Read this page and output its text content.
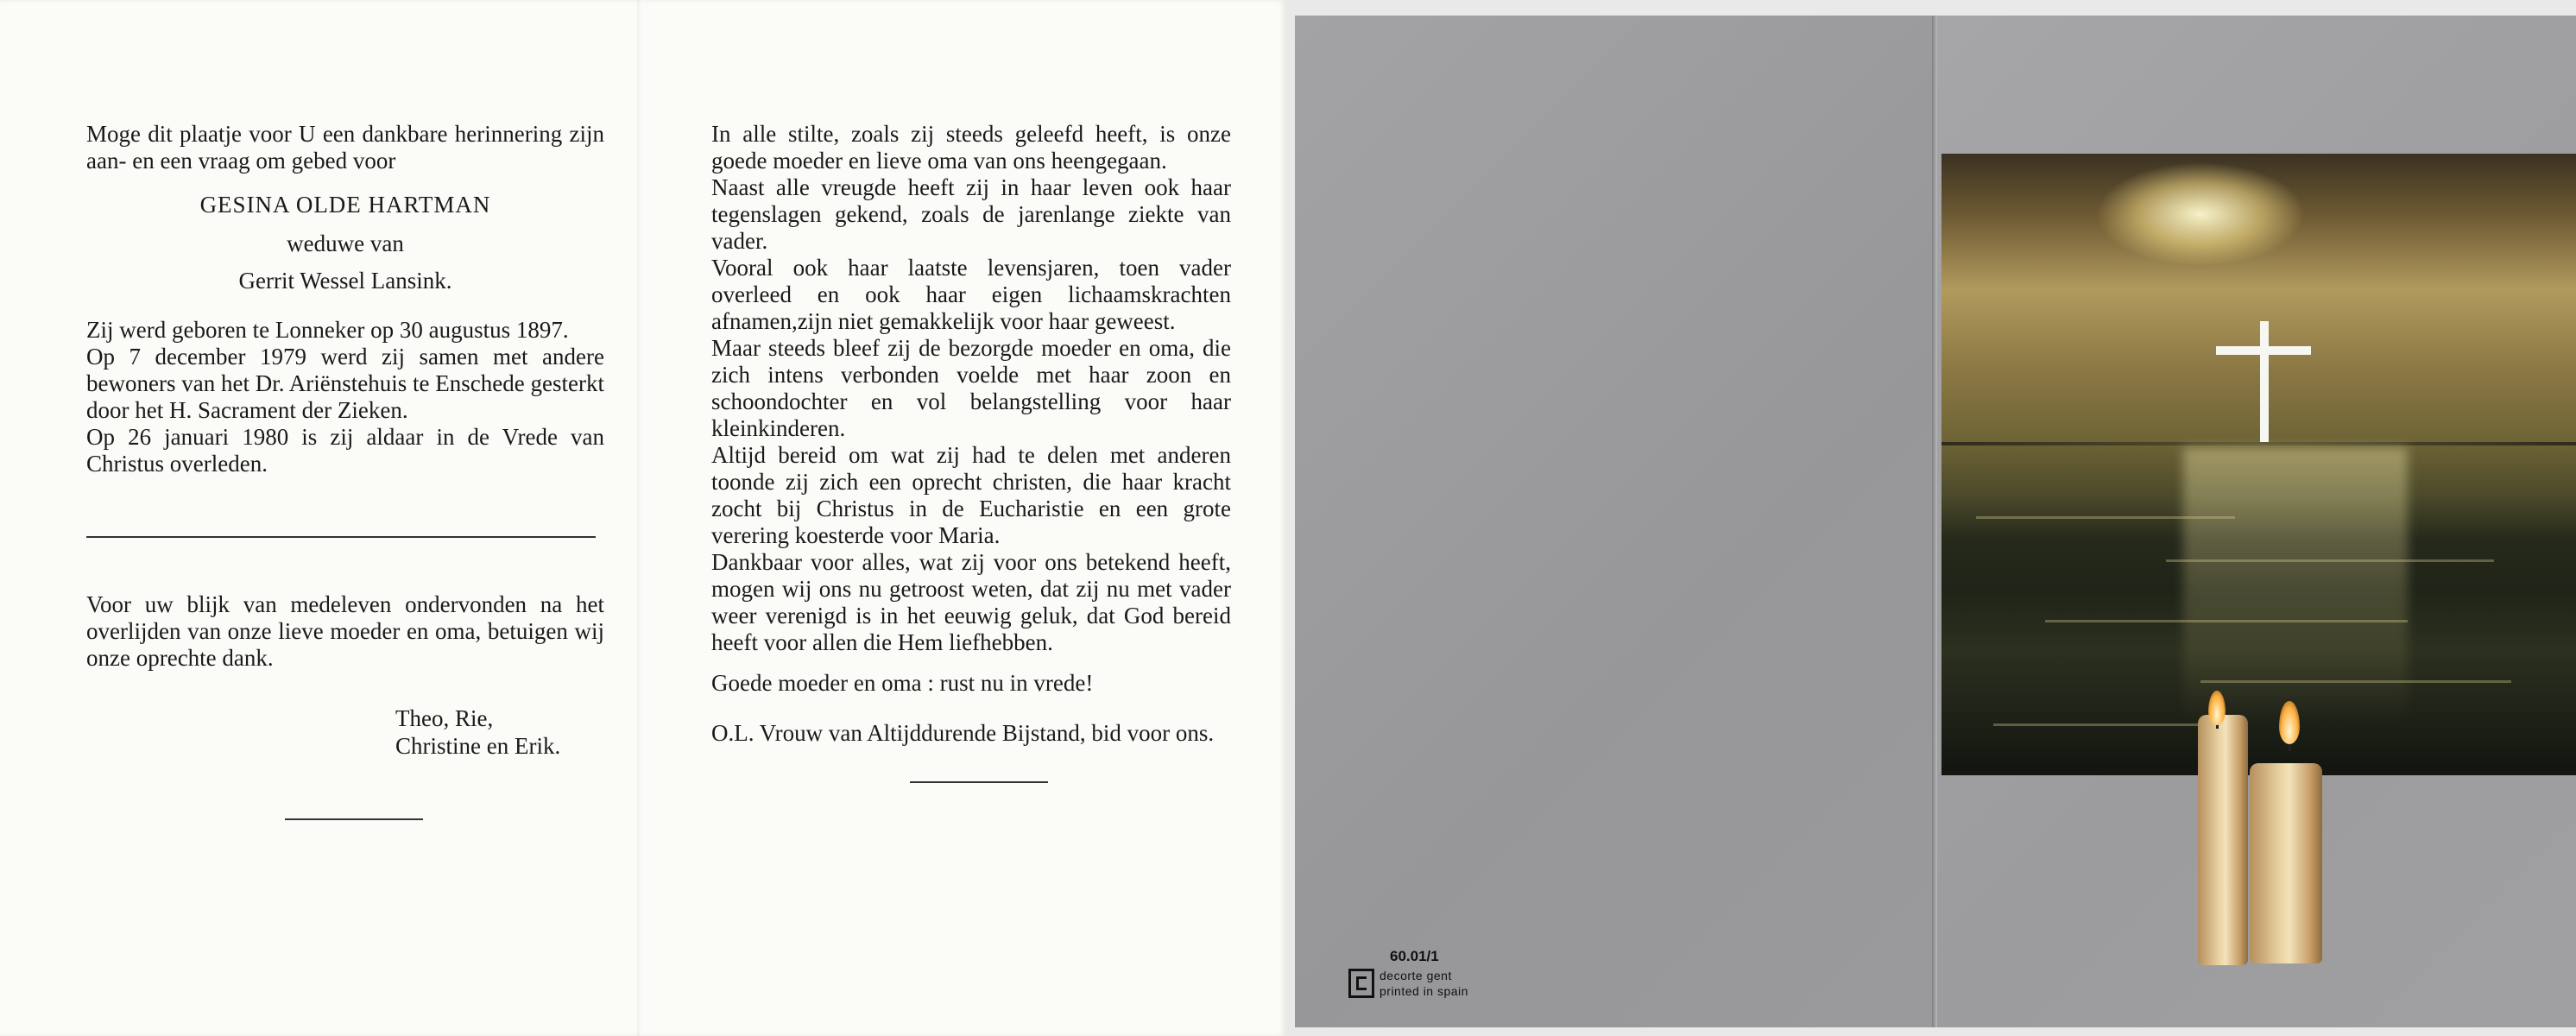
Moge dit plaatje voor U een dankbare herinnering zijn aan- en een vraag om gebed voor

GESINA OLDE HARTMAN

weduwe van

Gerrit Wessel Lansink.

Zij werd geboren te Lonneker op 30 augustus 1897.

Op 7 december 1979 werd zij samen met andere bewoners van het Dr. Ariënstehuis te Enschede gesterkt door het H. Sacrament der Zieken.

Op 26 januari 1980 is zij aldaar in de Vrede van Christus overleden.

Voor uw blijk van medeleven ondervonden na het overlijden van onze lieve moeder en oma, betuigen wij onze oprechte dank.

Theo, Rie,
Christine en Erik.

In alle stilte, zoals zij steeds geleefd heeft, is onze goede moeder en lieve oma van ons heengegaan.

Naast alle vreugde heeft zij in haar leven ook haar tegenslagen gekend, zoals de jarenlange ziekte van vader.

Vooral ook haar laatste levensjaren, toen vader overleed en ook haar eigen lichaamskrachten afnamen,zijn niet gemakkelijk voor haar geweest.

Maar steeds bleef zij de bezorgde moeder en oma, die zich intens verbonden voelde met haar zoon en schoondochter en vol belangstelling voor haar kleinkinderen.

Altijd bereid om wat zij had te delen met anderen toonde zij zich een oprecht christen, die haar kracht zocht bij Christus in de Eucharistie en een grote verering koesterde voor Maria.

Dankbaar voor alles, wat zij voor ons betekend heeft, mogen wij ons nu getroost weten, dat zij nu met vader weer verenigd is in het eeuwig geluk, dat God bereid heeft voor allen die Hem liefhebben.

Goede moeder en oma : rust nu in vrede!

O.L. Vrouw van Altijddurende Bijstand, bid voor ons.

60.01/1
decorte gent
printed in spain
